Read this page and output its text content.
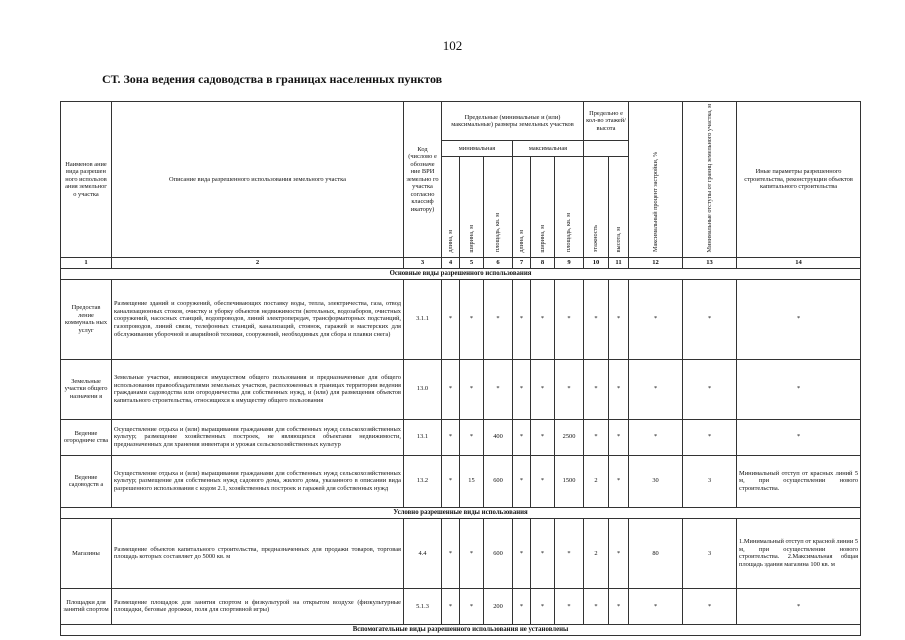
102
СТ. Зона ведения садоводства в границах населенных пунктов
Наименов ание вида разрешен ного использов ания земельног о участка	Описание вида разрешенного использования земельного участка	Код (числово е обозначе ние ВРИ земельно го участка согласно классиф икатору)	Предельные (минимальные и (или) максимальные) размеры земельных участков						Предельно е кол-во этажей/ высота		Максимальный процент застройки, %	Минимальные отступы от границ земельного участка, м	Иные параметры разрешенного строительства, реконструкции объектов капитального строительства
			минимальная			максимальная							
			длина, м	ширина, м	площадь, кв. м	длина, м	ширина, м	площадь, кв. м	этажность	высота, м			
1	2	3	4	5	6	7	8	9	10	11	12	13	14
Основные виды разрешенного использования													
Предостав ление коммуналь ных услуг	Размещение зданий и сооружений, обеспечивающих поставку воды, тепла, электричества, газа, отвод канализационных стоков, очистку и уборку объектов недвижимости (котельных, водозаборов, очистных сооружений, насосных станций, водопроводов, линий электропередач, трансформаторных подстанций, газопроводов, линий связи, телефонных станций, канализаций, стоянок, гаражей и мастерских для обслуживания уборочной и аварийной техники, сооружений, необходимых для сбора и плавки снега)	3.1.1	*	*	*	*	*	*	*	*	*	*	*
Земельные участки общего назначени я	Земельные участки, являющиеся имуществом общего пользования и предназначенные для общего использования правообладателями земельных участков, расположенных в границах территории ведения гражданами садоводства или огородничества для собственных нужд, и (или) для размещения объектов капитального строительства, относящихся к имуществу общего пользования	13.0	*	*	*	*	*	*	*	*	*	*	*
Ведение огородниче ства	Осуществление отдыха и (или) выращивания гражданами для собственных нужд сельскохозяйственных культур; размещение хозяйственных построек, не являющихся объектами недвижимости, предназначенных для хранения инвентаря и урожая сельскохозяйственных культур	13.1	*	*	400	*	*	2500	*	*	*	*	*
Ведение садоводств а	Осуществление отдыха и (или) выращивания гражданами для собственных нужд сельскохозяйственных культур; размещение для собственных нужд садового дома, жилого дома, указанного в описании вида разрешенного использования с кодом 2.1, хозяйственных построек и гаражей для собственных нужд	13.2	*	15	600	*	*	1500	2	*	30	3	Минимальный отступ от красных линий 5 м, при осуществлении нового строительства.
Условно разрешенные виды использования													
Магазины	Размещение объектов капитального строительства, предназначенных для продажи товаров, торговая площадь которых составляет до 5000 кв. м	4.4	*	*	600	*	*	*	2	*	80	3	1.Минимальный отступ от красной линии 5 м, при осуществлении нового строительства. 2.Максимальная общая площадь здания магазина 100 кв. м
Площадки для занятий спортом	Размещение площадок для занятия спортом и физкультурой на открытом воздухе (физкультурные площадки, беговые дорожки, поля для спортивной игры)	5.1.3	*	*	200	*	*	*	*	*	*	*	*
Вспомогательные виды разрешенного использования не установлены													
